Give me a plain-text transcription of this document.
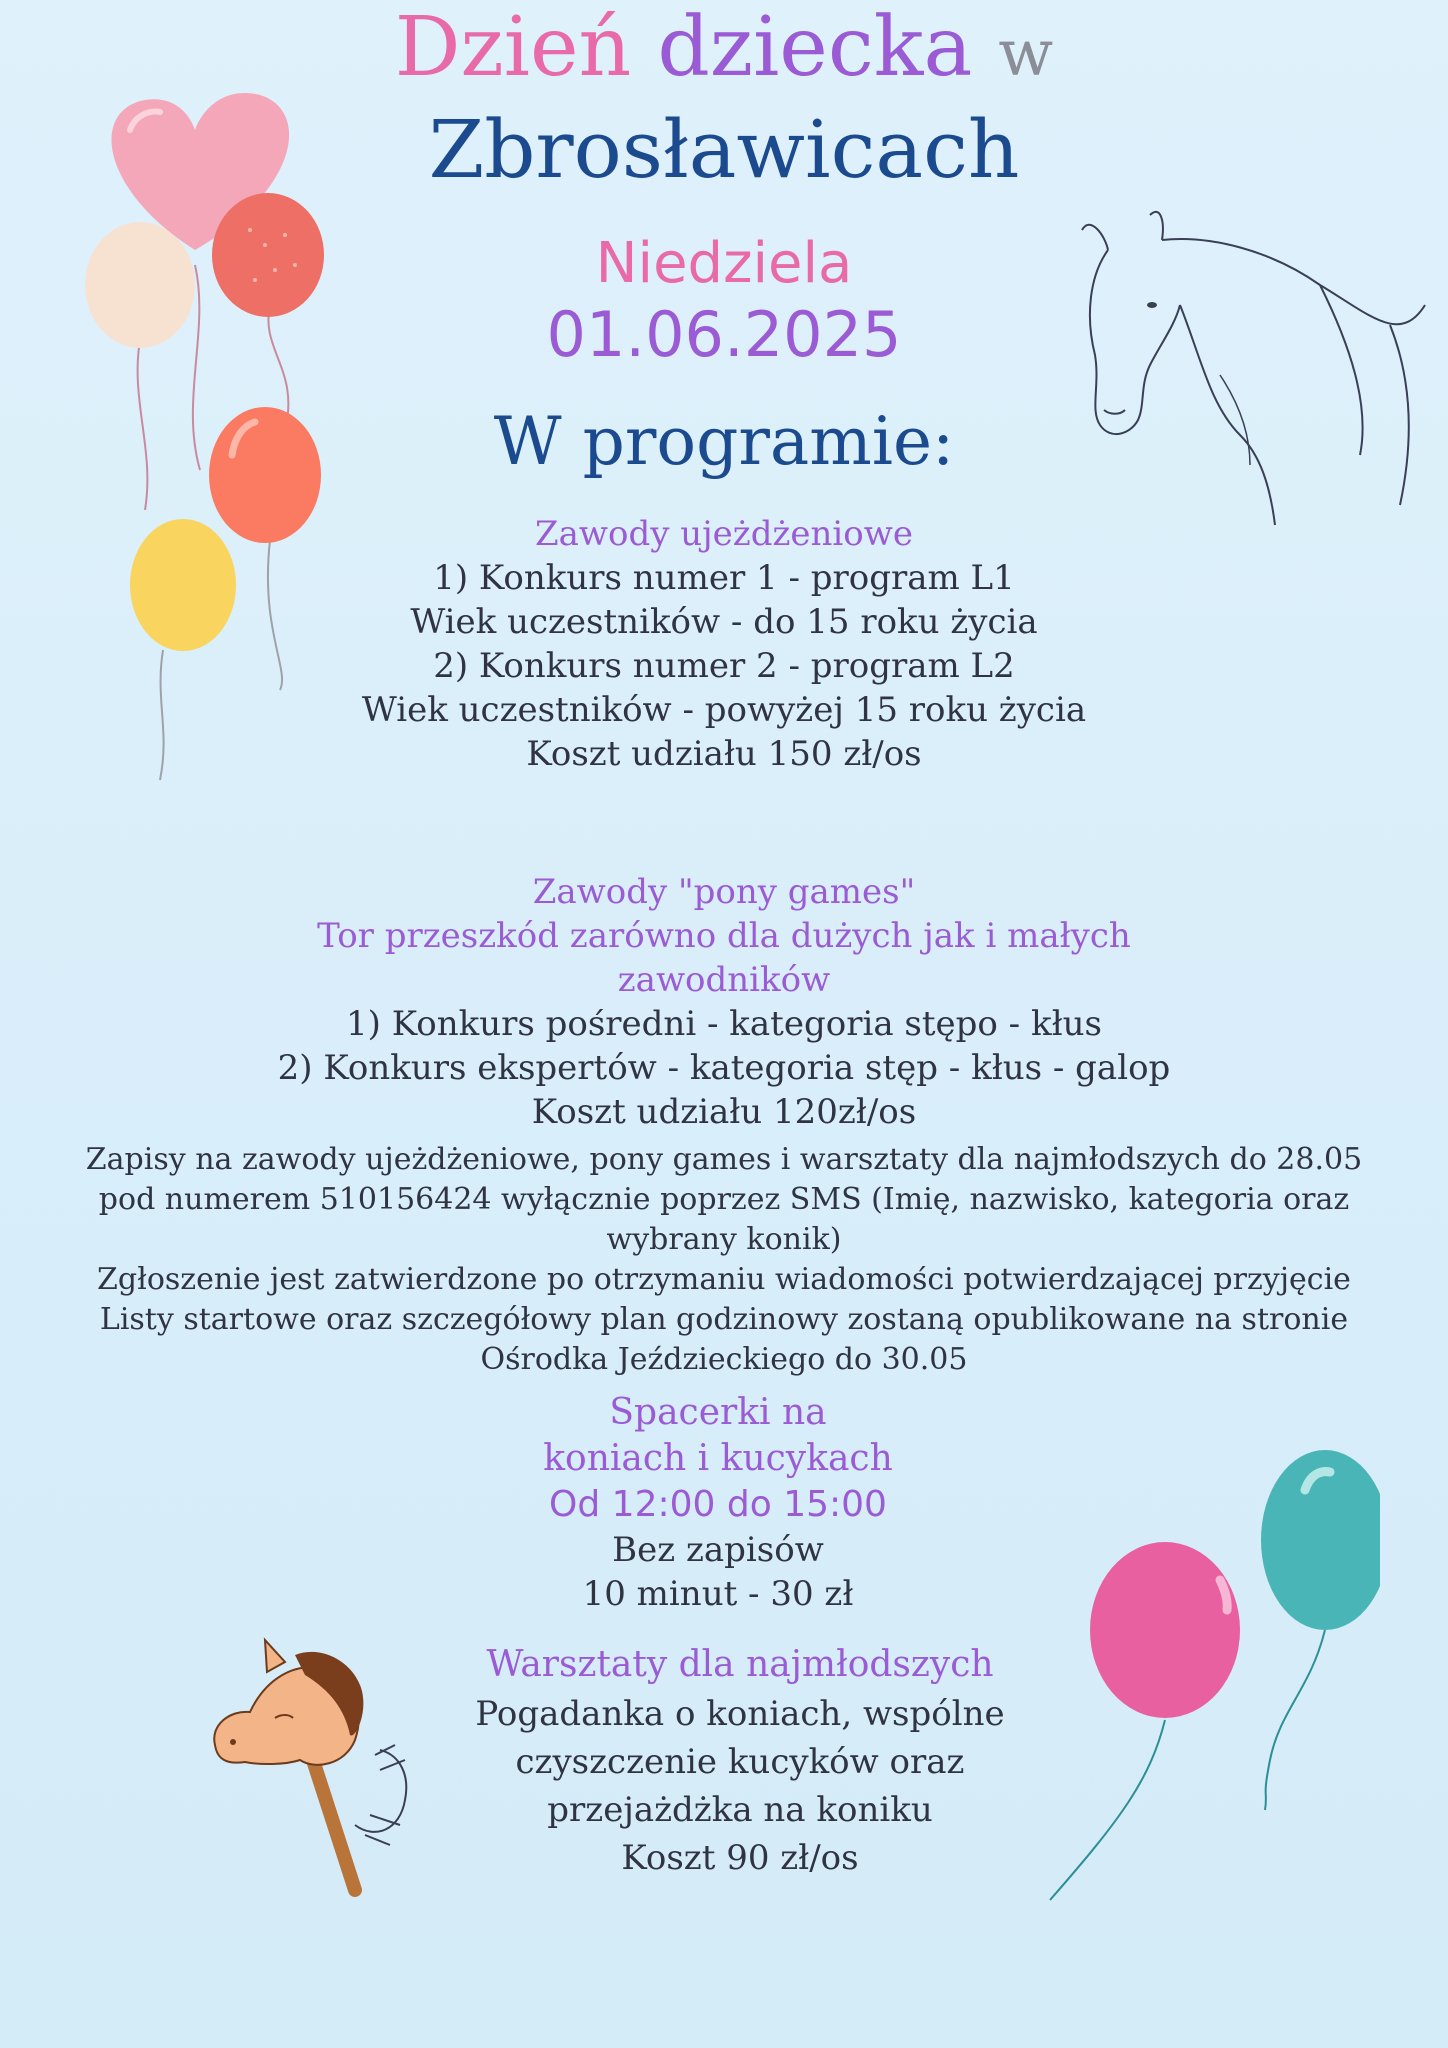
Dzień dziecka w
Zbrosławicach
Niedziela
01.06.2025
W programie:
Zawody ujeżdżeniowe
1) Konkurs numer 1 - program L1
Wiek uczestników - do 15 roku życia
2) Konkurs numer 2 - program L2
Wiek uczestników - powyżej 15 roku życia
Koszt udziału 150 zł/os
Zawody "pony games"
Tor przeszkód zarówno dla dużych jak i małych
zawodników
1) Konkurs pośredni - kategoria stępo - kłus
2) Konkurs ekspertów - kategoria stęp - kłus - galop
Koszt udziału 120zł/os
Zapisy na zawody ujeżdżeniowe, pony games i warsztaty dla najmłodszych do 28.05
pod numerem 510156424 wyłącznie poprzez SMS (Imię, nazwisko, kategoria oraz
wybrany konik)
Zgłoszenie jest zatwierdzone po otrzymaniu wiadomości potwierdzającej przyjęcie
Listy startowe oraz szczegółowy plan godzinowy zostaną opublikowane na stronie
Ośrodka Jeździeckiego do 30.05
Spacerki na
koniach i kucykach
Od 12:00 do 15:00
Bez zapisów
10 minut - 30 zł
Warsztaty dla najmłodszych
Pogadanka o koniach, wspólne
czyszczenie kucyków oraz
przejażdżka na koniku
Koszt 90 zł/os
